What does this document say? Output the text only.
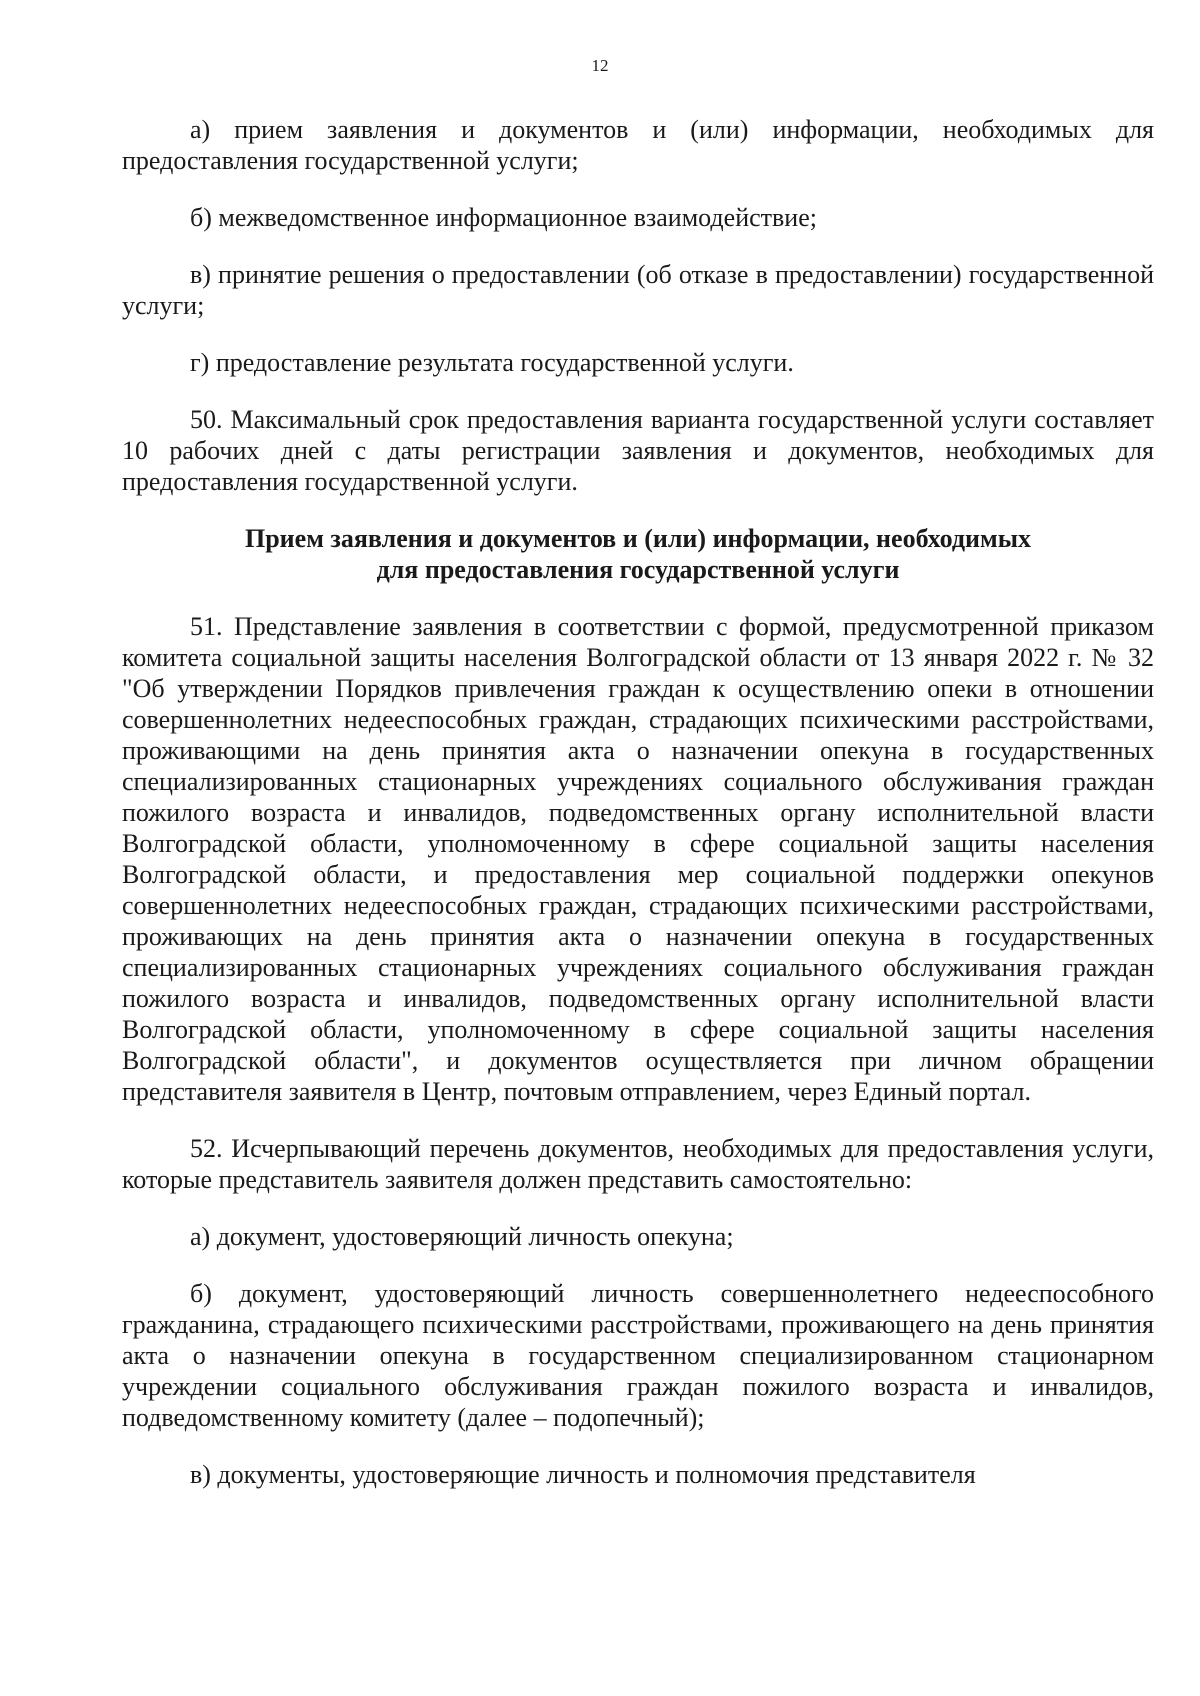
12

а) прием заявления и документов и (или) информации, необходимых для предоставления государственной услуги;

б) межведомственное информационное взаимодействие;

в) принятие решения о предоставлении (об отказе в предоставлении) государственной услуги;

г) предоставление результата государственной услуги.

50. Максимальный срок предоставления варианта государственной услуги составляет 10 рабочих дней с даты регистрации заявления и документов, необходимых для предоставления государственной услуги.

Прием заявления и документов и (или) информации, необходимых
для предоставления государственной услуги

51. Представление заявления в соответствии с формой, предусмотренной приказом комитета социальной защиты населения Волгоградской области от 13 января 2022 г. № 32 "Об утверждении Порядков привлечения граждан к осуществлению опеки в отношении совершеннолетних недееспособных граждан, страдающих психическими расстройствами, проживающими на день принятия акта о назначении опекуна в государственных специализированных стационарных учреждениях социального обслуживания граждан пожилого возраста и инвалидов, подведомственных органу исполнительной власти Волгоградской области, уполномоченному в сфере социальной защиты населения Волгоградской области, и предоставления мер социальной поддержки опекунов совершеннолетних недееспособных граждан, страдающих психическими расстройствами, проживающих на день принятия акта о назначении опекуна в государственных специализированных стационарных учреждениях социального обслуживания граждан пожилого возраста и инвалидов, подведомственных органу исполнительной власти Волгоградской области, уполномоченному в сфере социальной защиты населения Волгоградской области", и документов осуществляется при личном обращении представителя заявителя в Центр, почтовым отправлением, через Единый портал.

52. Исчерпывающий перечень документов, необходимых для предоставления услуги, которые представитель заявителя должен представить самостоятельно:

а) документ, удостоверяющий личность опекуна;

б) документ, удостоверяющий личность совершеннолетнего недееспособного гражданина, страдающего психическими расстройствами, проживающего на день принятия акта о назначении опекуна в государственном специализированном стационарном учреждении социального обслуживания граждан пожилого возраста и инвалидов, подведомственному комитету (далее – подопечный);

в) документы, удостоверяющие личность и полномочия представителя
